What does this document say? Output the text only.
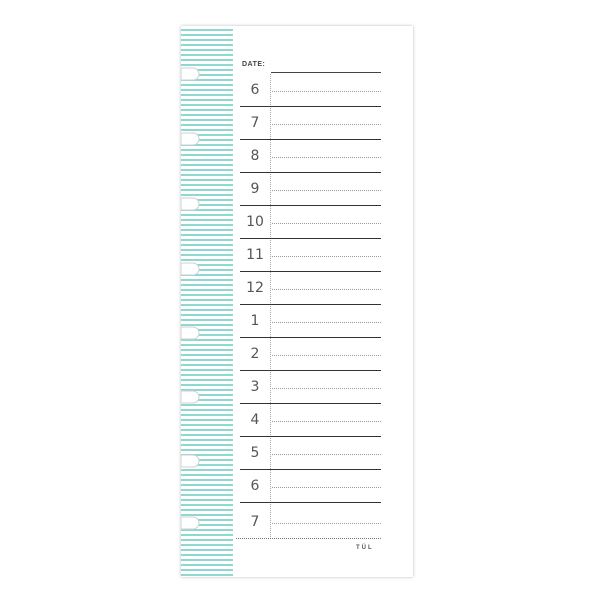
DATE:
6
7
8
9
10
11
12
1
2
3
4
5
6
7
TÜL
